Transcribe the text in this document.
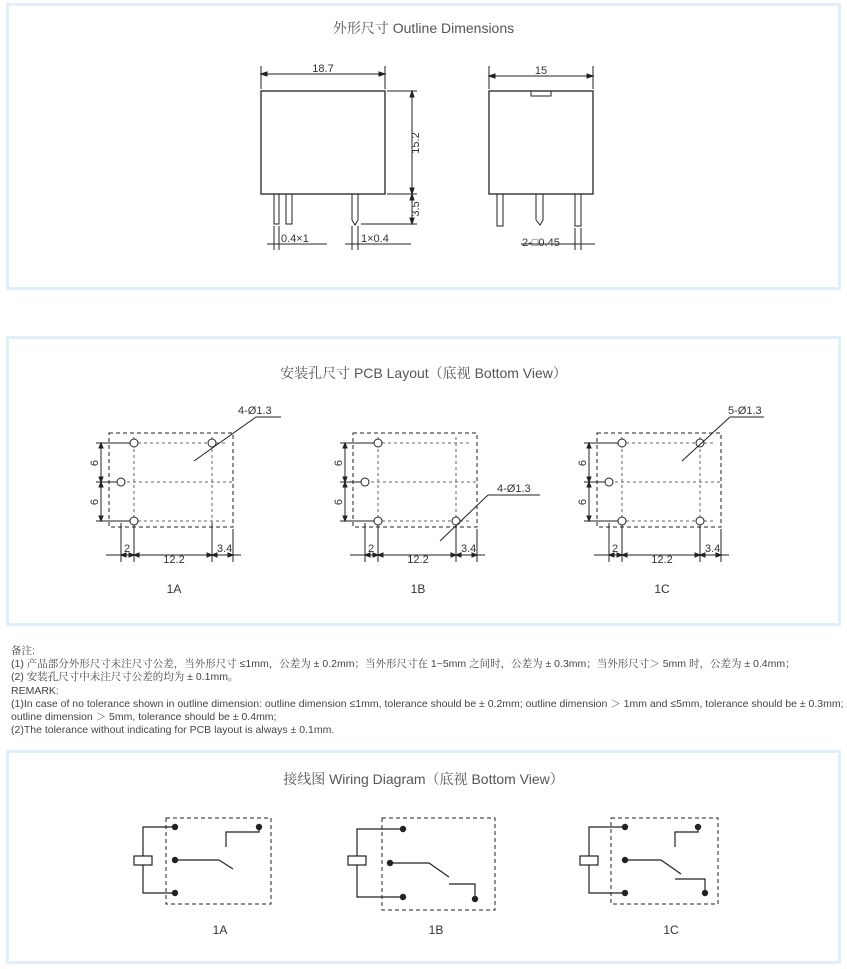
外形尺寸 Outline Dimensions
18.7
15.2
3.5
0.4×1	1×0.4
15
2-□0.45
安装孔尺寸 PCB Layout（底视 Bottom View）
4-Ø1.3
4-Ø1.3
5-Ø1.3
6
6
2
12.2
3.4
6
6
2
12.2
3.4
6
6
2
12.2
3.4
1A	1B	1C
备注:
(1) 产品部分外形尺寸未注尺寸公差，当外形尺寸 ≤1mm，公差为 ± 0.2mm；当外形尺寸在 1~5mm 之间时，公差为 ± 0.3mm；当外形尺寸＞ 5mm 时，公差为 ± 0.4mm；
(2) 安装孔尺寸中未注尺寸公差的均为 ± 0.1mm。
REMARK:
(1)In case of no tolerance shown in outline dimension: outline dimension ≤1mm, tolerance should be ± 0.2mm; outline dimension ＞ 1mm and ≤5mm, tolerance should be ± 0.3mm;
outline dimension ＞ 5mm, tolerance should be ± 0.4mm;
(2)The tolerance without indicating for PCB layout is always ± 0.1mm.
接线图 Wiring Diagram（底视 Bottom View）
1A	1B	1C
